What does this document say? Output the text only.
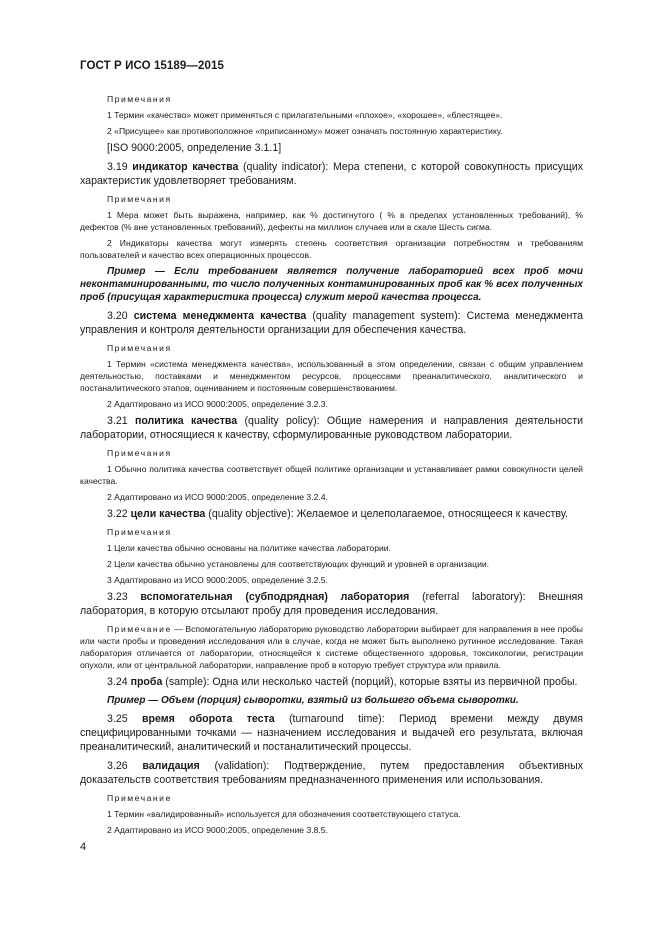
ГОСТ Р ИСО 15189—2015

Примечания

1 Термин «качество» может применяться с прилагательными «плохое», «хорошее», «блестящее».

2 «Присущее» как противоположное «приписанному» может означать постоянную характеристику.

[ISO 9000:2005, определение 3.1.1]

3.19 индикатор качества (quality indicator): Мера степени, с которой совокупность присущих характеристик удовлетворяет требованиям.

Примечания

1 Мера может быть выражена, например, как % достигнутого ( % в пределах установленных требований), % дефектов (% вне установленных требований), дефекты на миллион случаев или в скале Шесть сигма.

2 Индикаторы качества могут измерять степень соответствия организации потребностям и требованиям пользователей и качество всех операционных процессов.

Пример — Если требованием является получение лабораторией всех проб мочи неконтаминированными, то число полученных контаминированных проб как % всех полученных проб (присущая характеристика процесса) служит мерой качества процесса.

3.20 система менеджмента качества (quality management system): Система менеджмента управления и контроля деятельности организации для обеспечения качества.

Примечания

1 Термин «система менеджмента качества», использованный в этом определении, связан с общим управлением деятельностью, поставками и менеджментом ресурсов, процессами преаналитического, аналитического и постаналитического этапов, оцениванием и постоянным совершенствованием.

2 Адаптировано из ИСО 9000:2005, определение 3.2.3.

3.21 политика качества (quality policy): Общие намерения и направления деятельности лаборатории, относящиеся к качеству, сформулированные руководством лаборатории.

Примечания

1 Обычно политика качества соответствует общей политике организации и устанавливает рамки совокупности целей качества.

2 Адаптировано из ИСО 9000:2005, определение 3.2.4.

3.22 цели качества (quality objective): Желаемое и целеполагаемое, относящееся к качеству.

Примечания

1 Цели качества обычно основаны на политике качества лаборатории.

2 Цели качества обычно установлены для соответствующих функций и уровней в организации.

3 Адаптировано из ИСО 9000:2005, определение 3.2.5.

3.23 вспомогательная (субподрядная) лаборатория (referral laboratory): Внешняя лаборатория, в которую отсылают пробу для проведения исследования.

Примечание — Вспомогательную лабораторию руководство лаборатории выбирает для направления в нее пробы или части пробы и проведения исследования или в случае, когда не может быть выполнено рутинное исследование. Такая лаборатория отличается от лаборатории, относящейся к системе общественного здоровья, токсикологии, регистрации опухоли, или от центральной лаборатории, направление проб в которую требует структура или правила.

3.24 проба (sample): Одна или несколько частей (порций), которые взяты из первичной пробы.

Пример — Объем (порция) сыворотки, взятый из большего объема сыворотки.

3.25 время оборота теста (turnaround time): Период времени между двумя специфицированными точками — назначением исследования и выдачей его результата, включая преаналитический, аналитический и постаналитический процессы.

3.26 валидация (validation): Подтверждение, путем предоставления объективных доказательств соответствия требованиям предназначенного применения или использования.

Примечание

1 Термин «валидированный» используется для обозначения соответствующего статуса.

2 Адаптировано из ИСО 9000:2005, определение 3.8.5.

4
